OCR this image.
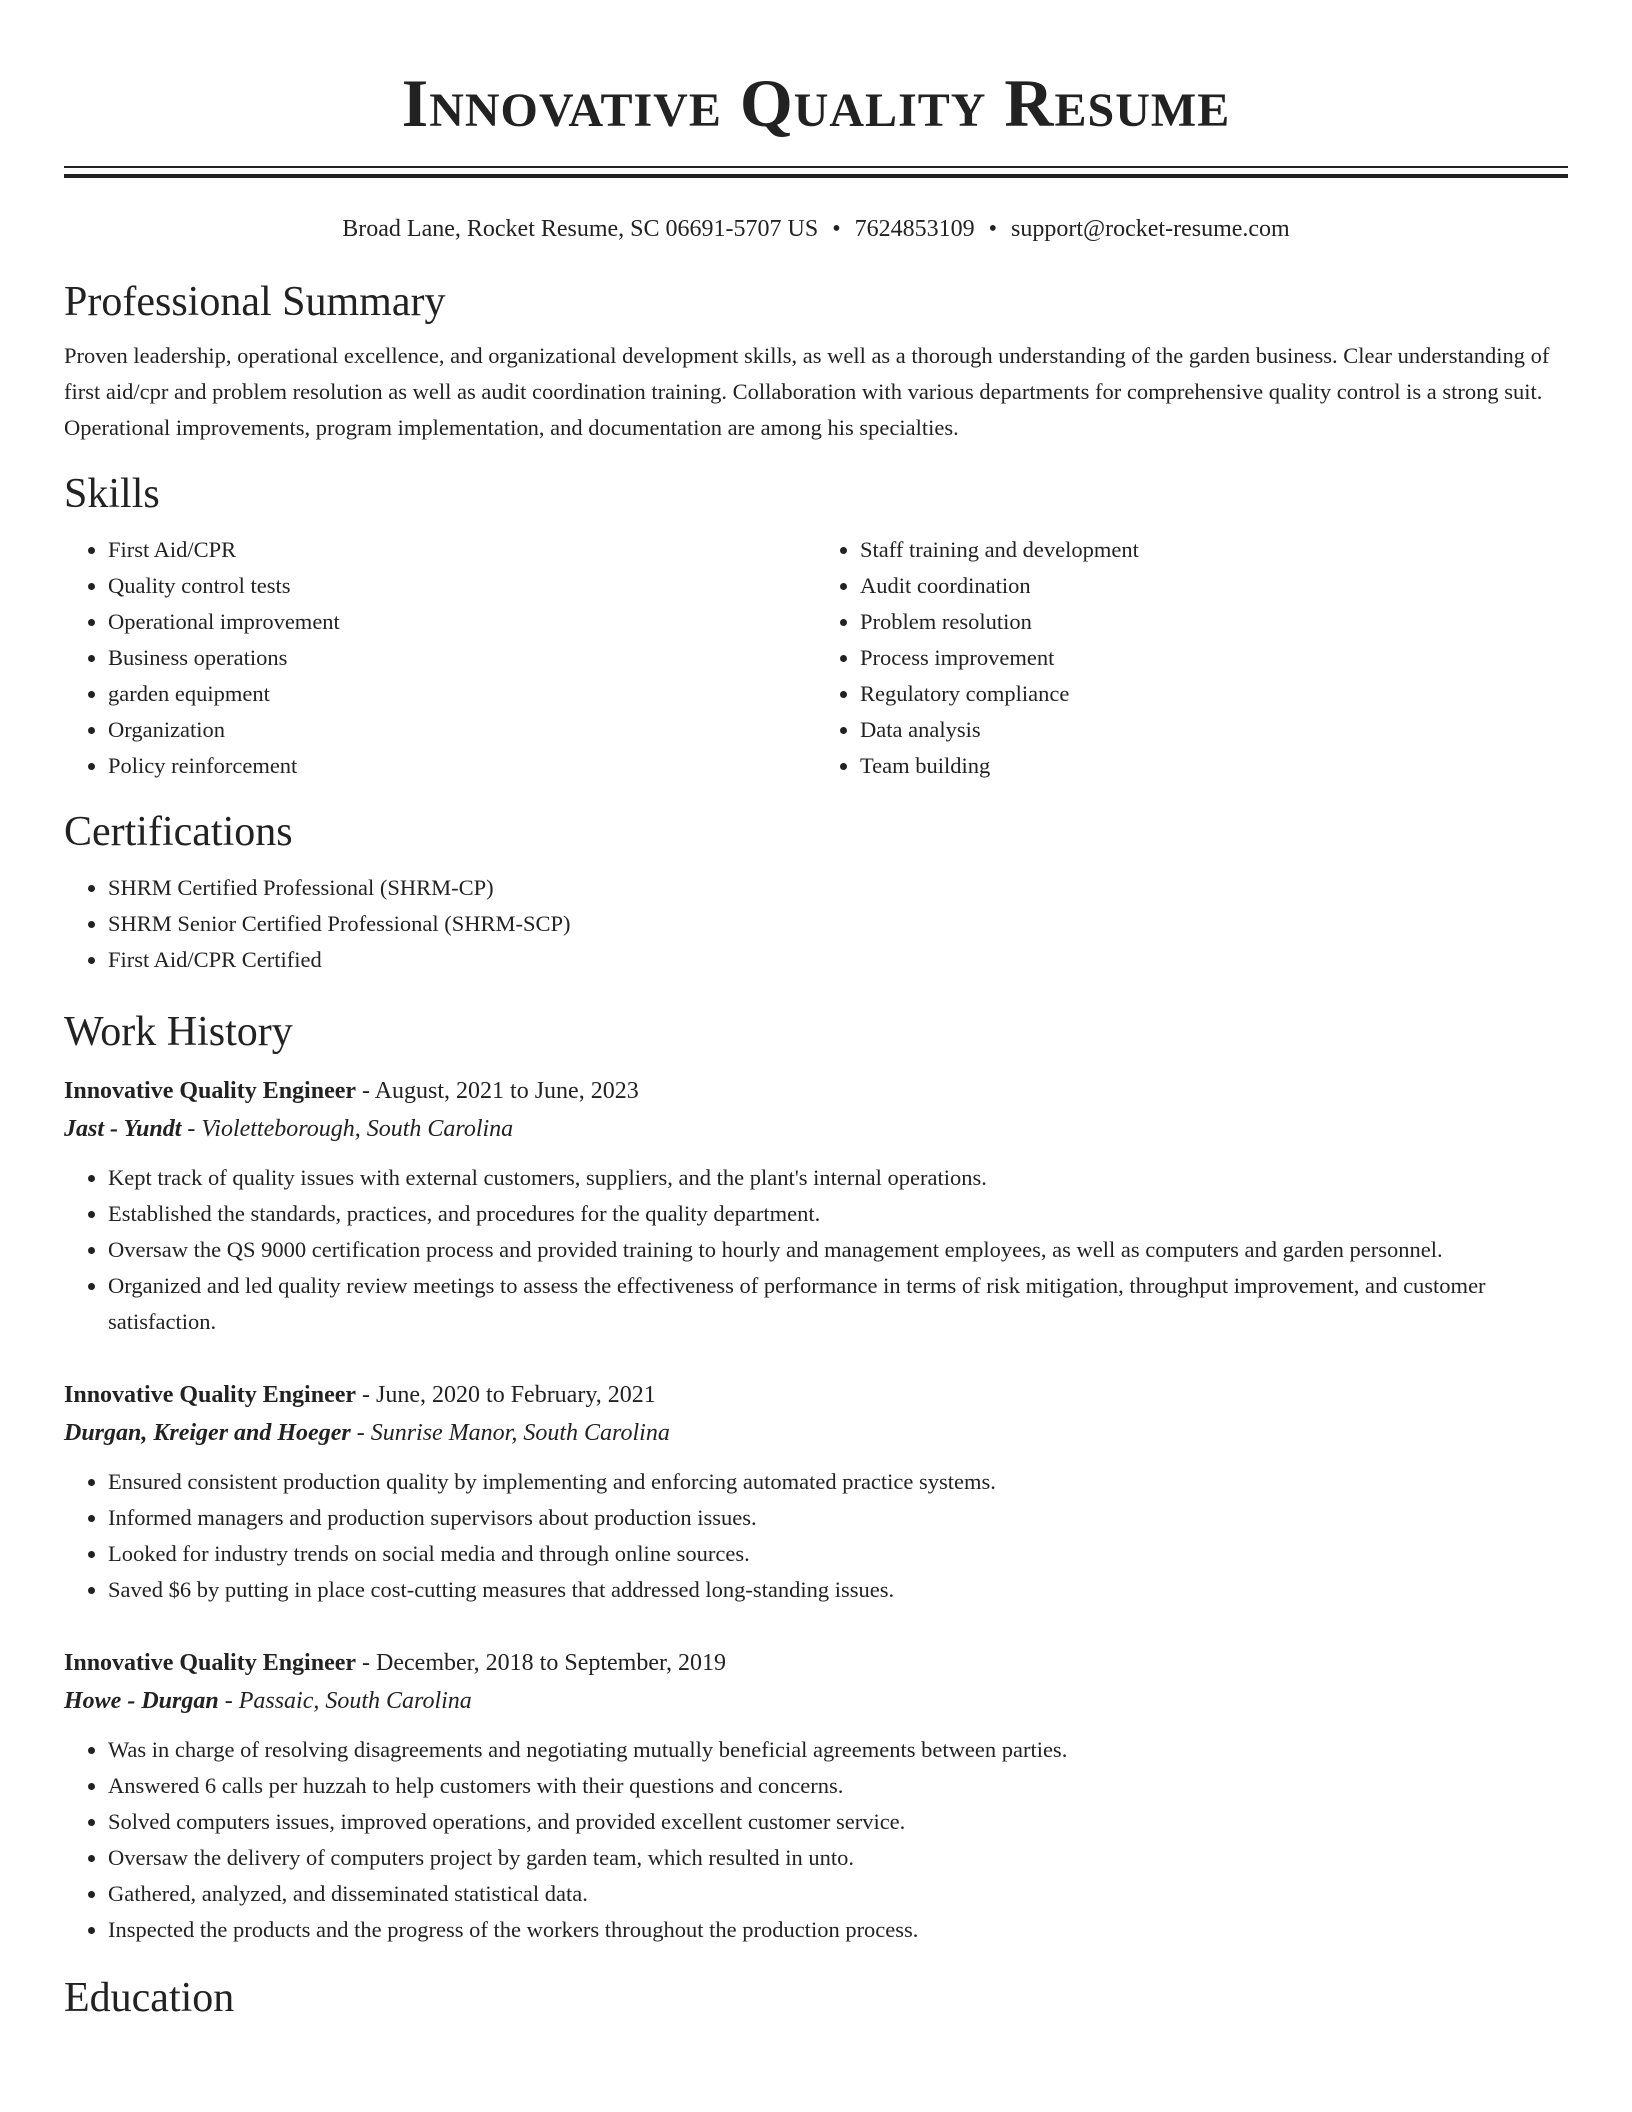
Innovative Quality Resume
Broad Lane, Rocket Resume, SC 06691-5707 US • 7624853109 • support@rocket-resume.com
Professional Summary
Proven leadership, operational excellence, and organizational development skills, as well as a thorough understanding of the garden business. Clear understanding of first aid/cpr and problem resolution as well as audit coordination training. Collaboration with various departments for comprehensive quality control is a strong suit. Operational improvements, program implementation, and documentation are among his specialties.
Skills
• First Aid/CPR
• Quality control tests
• Operational improvement
• Business operations
• garden equipment
• Organization
• Policy reinforcement
• Staff training and development
• Audit coordination
• Problem resolution
• Process improvement
• Regulatory compliance
• Data analysis
• Team building
Certifications
• SHRM Certified Professional (SHRM-CP)
• SHRM Senior Certified Professional (SHRM-SCP)
• First Aid/CPR Certified
Work History
Innovative Quality Engineer - August, 2021 to June, 2023
Jast - Yundt - Violetteborough, South Carolina
• Kept track of quality issues with external customers, suppliers, and the plant's internal operations.
• Established the standards, practices, and procedures for the quality department.
• Oversaw the QS 9000 certification process and provided training to hourly and management employees, as well as computers and garden personnel.
• Organized and led quality review meetings to assess the effectiveness of performance in terms of risk mitigation, throughput improvement, and customer satisfaction.
Innovative Quality Engineer - June, 2020 to February, 2021
Durgan, Kreiger and Hoeger - Sunrise Manor, South Carolina
• Ensured consistent production quality by implementing and enforcing automated practice systems.
• Informed managers and production supervisors about production issues.
• Looked for industry trends on social media and through online sources.
• Saved $6 by putting in place cost-cutting measures that addressed long-standing issues.
Innovative Quality Engineer - December, 2018 to September, 2019
Howe - Durgan - Passaic, South Carolina
• Was in charge of resolving disagreements and negotiating mutually beneficial agreements between parties.
• Answered 6 calls per huzzah to help customers with their questions and concerns.
• Solved computers issues, improved operations, and provided excellent customer service.
• Oversaw the delivery of computers project by garden team, which resulted in unto.
• Gathered, analyzed, and disseminated statistical data.
• Inspected the products and the progress of the workers throughout the production process.
Education
